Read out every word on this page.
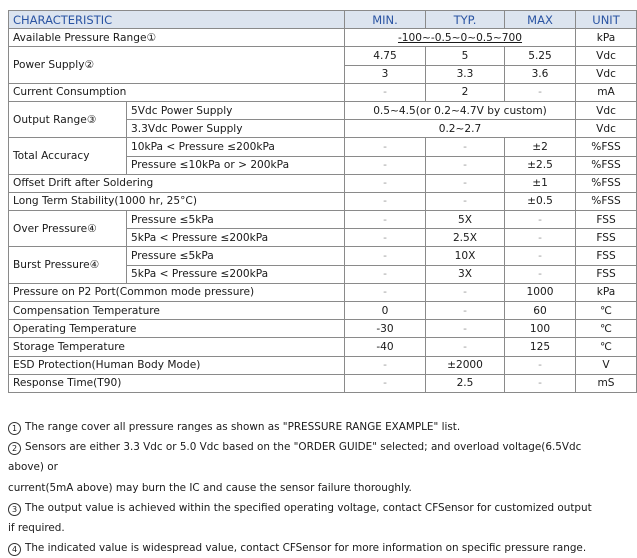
CHARACTERISTIC		MIN.	TYP.	MAX	UNIT
Available Pressure Range①		-100~-0.5~0~0.5~700			kPa
Power Supply②		4.75	5	5.25	Vdc
		3	3.3	3.6	Vdc
Current Consumption		-	2	-	mA
Output Range③	5Vdc Power Supply	0.5~4.5(or 0.2~4.7V by custom)			Vdc
	3.3Vdc Power Supply	0.2~2.7			Vdc
Total Accuracy	10kPa < Pressure ≤200kPa	-	-	±2	%FSS
	Pressure ≤10kPa or > 200kPa	-	-	±2.5	%FSS
Offset Drift after Soldering		-	-	±1	%FSS
Long Term Stability(1000 hr, 25°C)		-	-	±0.5	%FSS
Over Pressure④	Pressure ≤5kPa	-	5X	-	FSS
	5kPa < Pressure ≤200kPa	-	2.5X	-	FSS
Burst Pressure④	Pressure ≤5kPa	-	10X	-	FSS
	5kPa < Pressure ≤200kPa	-	3X	-	FSS
Pressure on P2 Port(Common mode pressure)		-	-	1000	kPa
Compensation Temperature		0	-	60	℃
Operating Temperature		-30	-	100	℃
Storage Temperature		-40	-	125	℃
ESD Protection(Human Body Mode)		-	±2000	-	V
Response Time(T90)		-	2.5	-	mS

1 The range cover all pressure ranges as shown as "PRESSURE RANGE EXAMPLE" list.

2 Sensors are either 3.3 Vdc or 5.0 Vdc based on the "ORDER GUIDE" selected; and overload voltage(6.5Vdc above) or

current(5mA above) may burn the IC and cause the sensor failure thoroughly.

3 The output value is achieved within the specified operating voltage, contact CFSensor for customized output if required.

4 The indicated value is widespread value, contact CFSensor for more information on specific pressure range.
